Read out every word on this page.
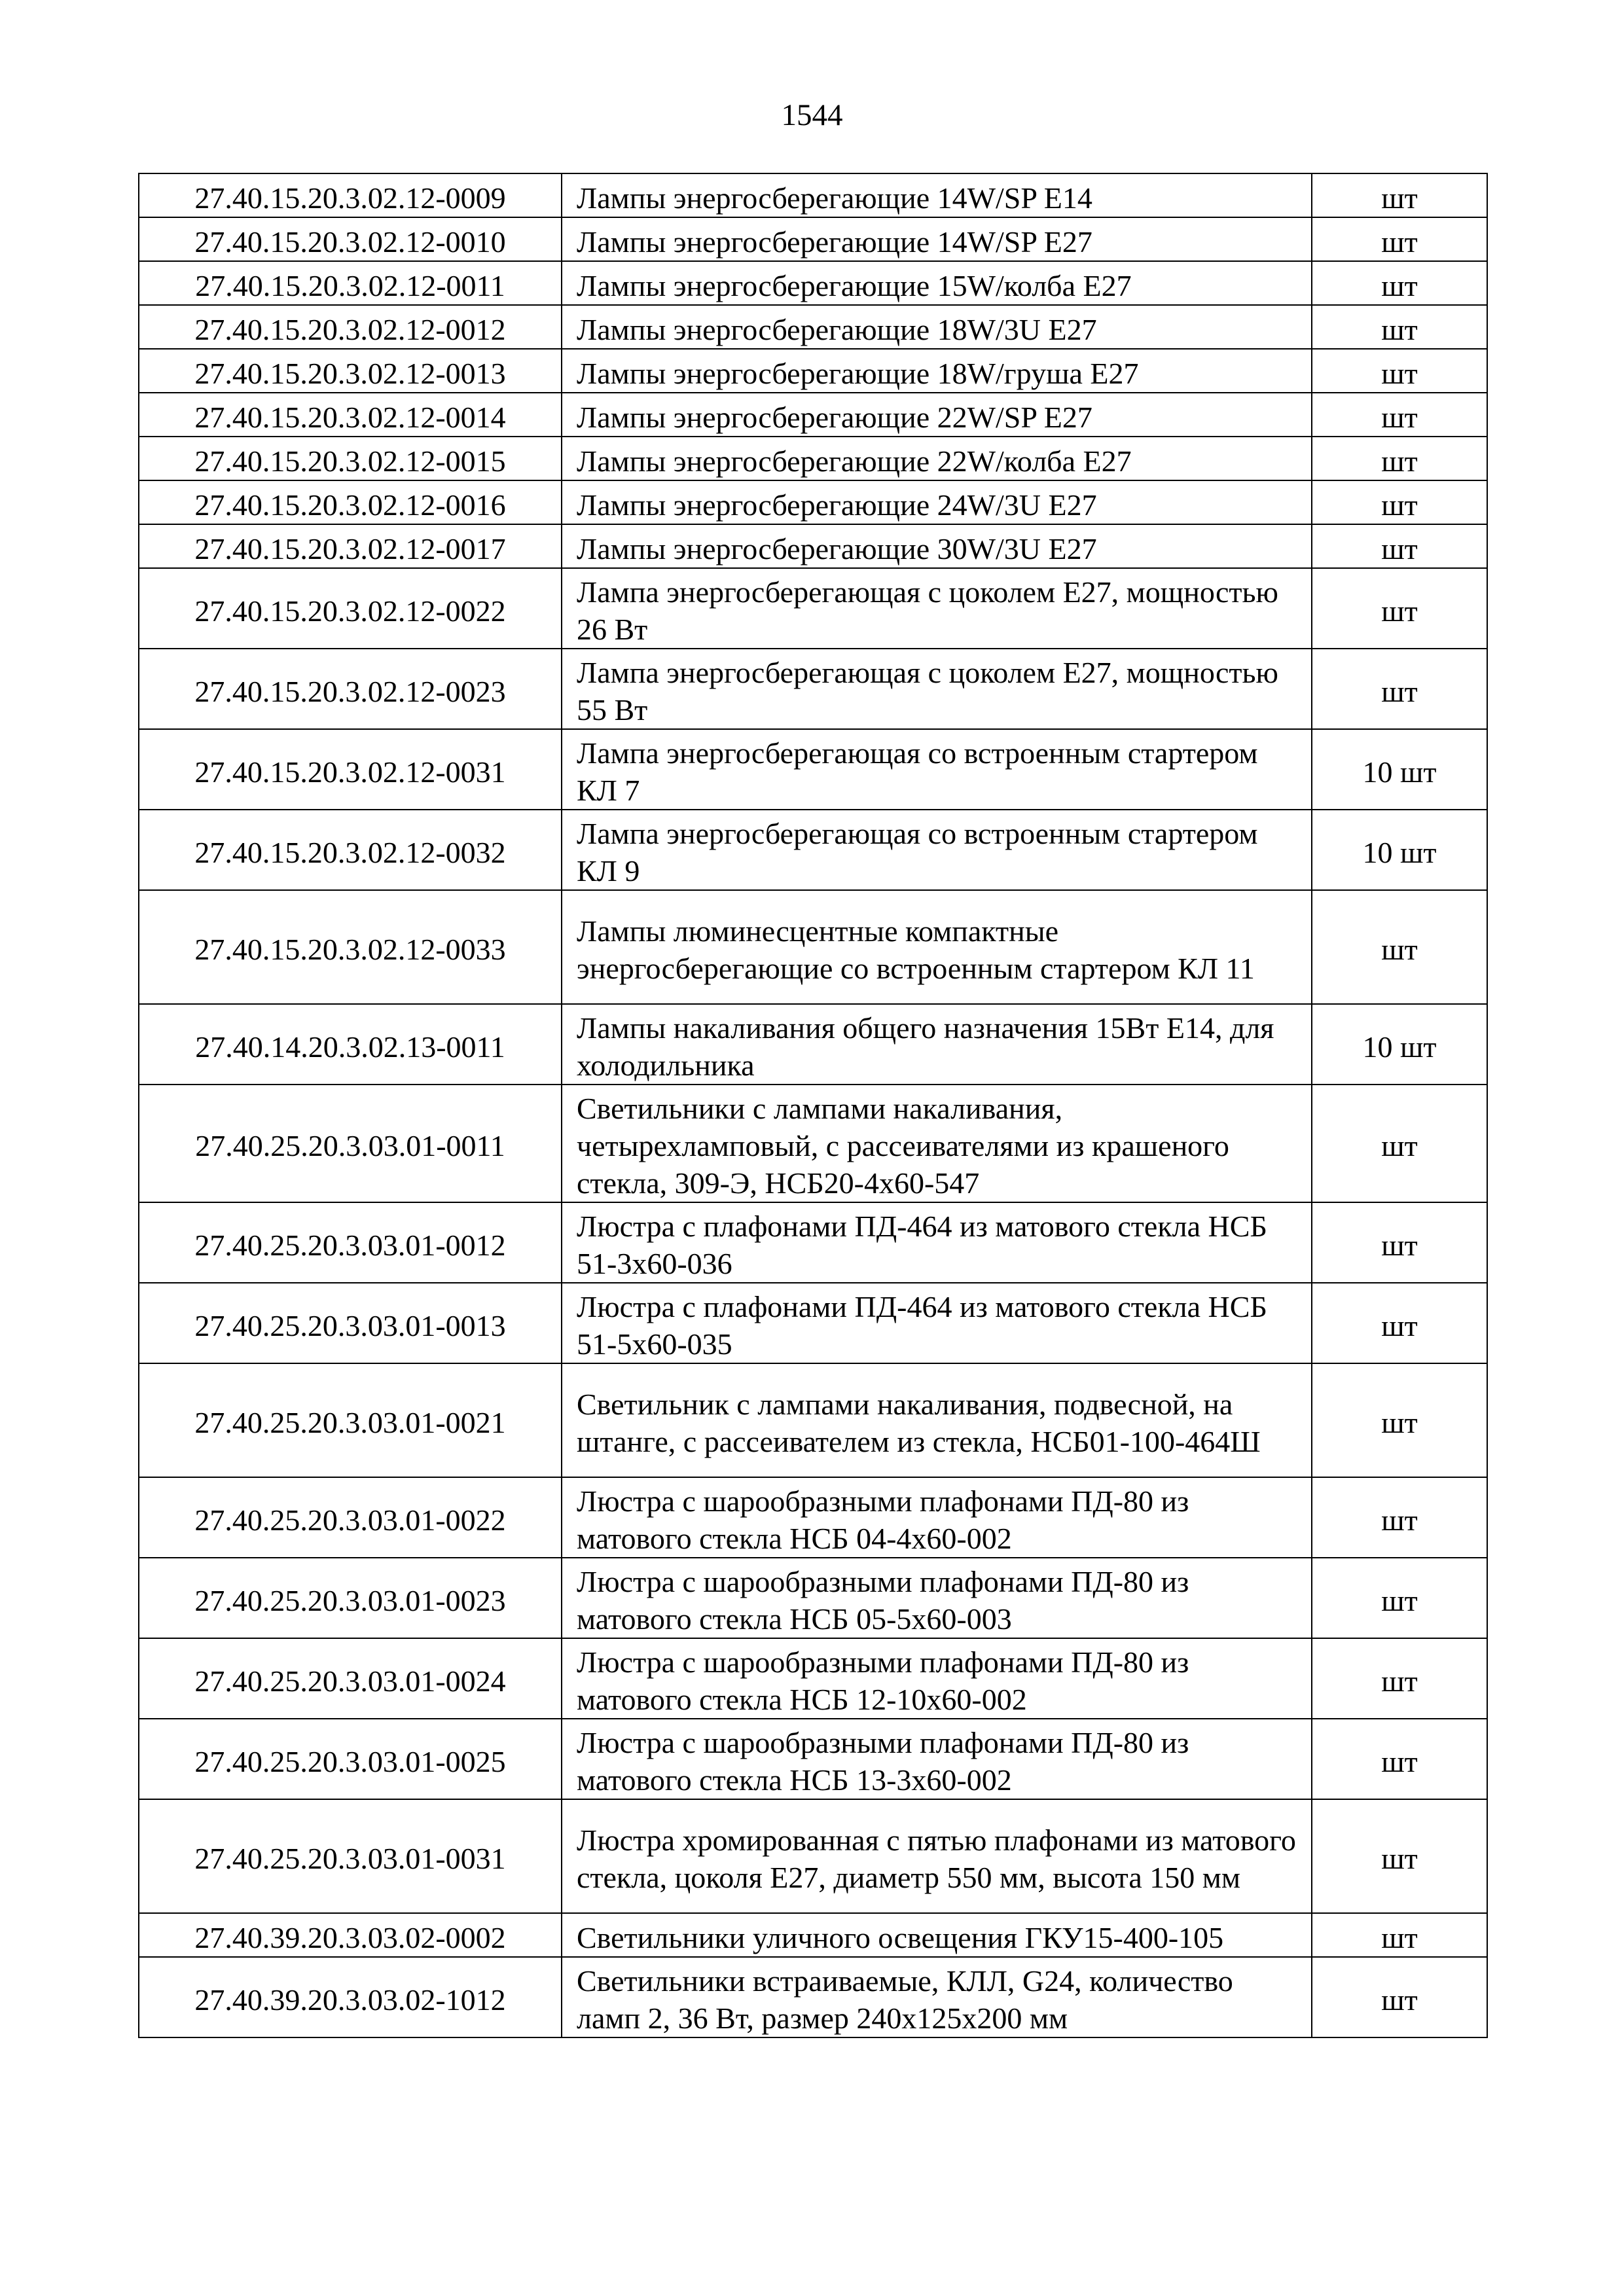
1544
27.40.15.20.3.02.12-0009	Лампы энергосберегающие 14W/SP E14	шт
27.40.15.20.3.02.12-0010	Лампы энергосберегающие 14W/SP E27	шт
27.40.15.20.3.02.12-0011	Лампы энергосберегающие 15W/колба E27	шт
27.40.15.20.3.02.12-0012	Лампы энергосберегающие 18W/3U E27	шт
27.40.15.20.3.02.12-0013	Лампы энергосберегающие 18W/груша E27	шт
27.40.15.20.3.02.12-0014	Лампы энергосберегающие 22W/SP E27	шт
27.40.15.20.3.02.12-0015	Лампы энергосберегающие 22W/колба E27	шт
27.40.15.20.3.02.12-0016	Лампы энергосберегающие 24W/3U E27	шт
27.40.15.20.3.02.12-0017	Лампы энергосберегающие 30W/3U E27	шт
27.40.15.20.3.02.12-0022	Лампа энергосберегающая с цоколем E27, мощностью 26 Вт	шт
27.40.15.20.3.02.12-0023	Лампа энергосберегающая с цоколем E27, мощностью 55 Вт	шт
27.40.15.20.3.02.12-0031	Лампа энергосберегающая со встроенным стартером КЛ 7	10 шт
27.40.15.20.3.02.12-0032	Лампа энергосберегающая со встроенным стартером КЛ 9	10 шт
27.40.15.20.3.02.12-0033	Лампы люминесцентные компактные энергосберегающие со встроенным стартером КЛ 11	шт
27.40.14.20.3.02.13-0011	Лампы накаливания общего назначения 15Вт E14, для холодильника	10 шт
27.40.25.20.3.03.01-0011	Светильники с лампами накаливания, четырехламповый, с рассеивателями из крашеного стекла, 309-Э, НСБ20-4х60-547	шт
27.40.25.20.3.03.01-0012	Люстра с плафонами ПД-464 из матового стекла НСБ 51-3х60-036	шт
27.40.25.20.3.03.01-0013	Люстра с плафонами ПД-464 из матового стекла НСБ 51-5х60-035	шт
27.40.25.20.3.03.01-0021	Светильник с лампами накаливания, подвесной, на штанге, с рассеивателем из стекла, НСБ01-100-464Ш	шт
27.40.25.20.3.03.01-0022	Люстра с шарообразными плафонами ПД-80 из матового стекла НСБ 04-4х60-002	шт
27.40.25.20.3.03.01-0023	Люстра с шарообразными плафонами ПД-80 из матового стекла НСБ 05-5х60-003	шт
27.40.25.20.3.03.01-0024	Люстра с шарообразными плафонами ПД-80 из матового стекла НСБ 12-10х60-002	шт
27.40.25.20.3.03.01-0025	Люстра с шарообразными плафонами ПД-80 из матового стекла НСБ 13-3х60-002	шт
27.40.25.20.3.03.01-0031	Люстра хромированная с пятью плафонами из матового стекла, цоколя E27, диаметр 550 мм, высота 150 мм	шт
27.40.39.20.3.03.02-0002	Светильники уличного освещения ГКУ15-400-105	шт
27.40.39.20.3.03.02-1012	Светильники встраиваемые, КЛЛ, G24, количество ламп 2, 36 Вт, размер 240х125х200 мм	шт
